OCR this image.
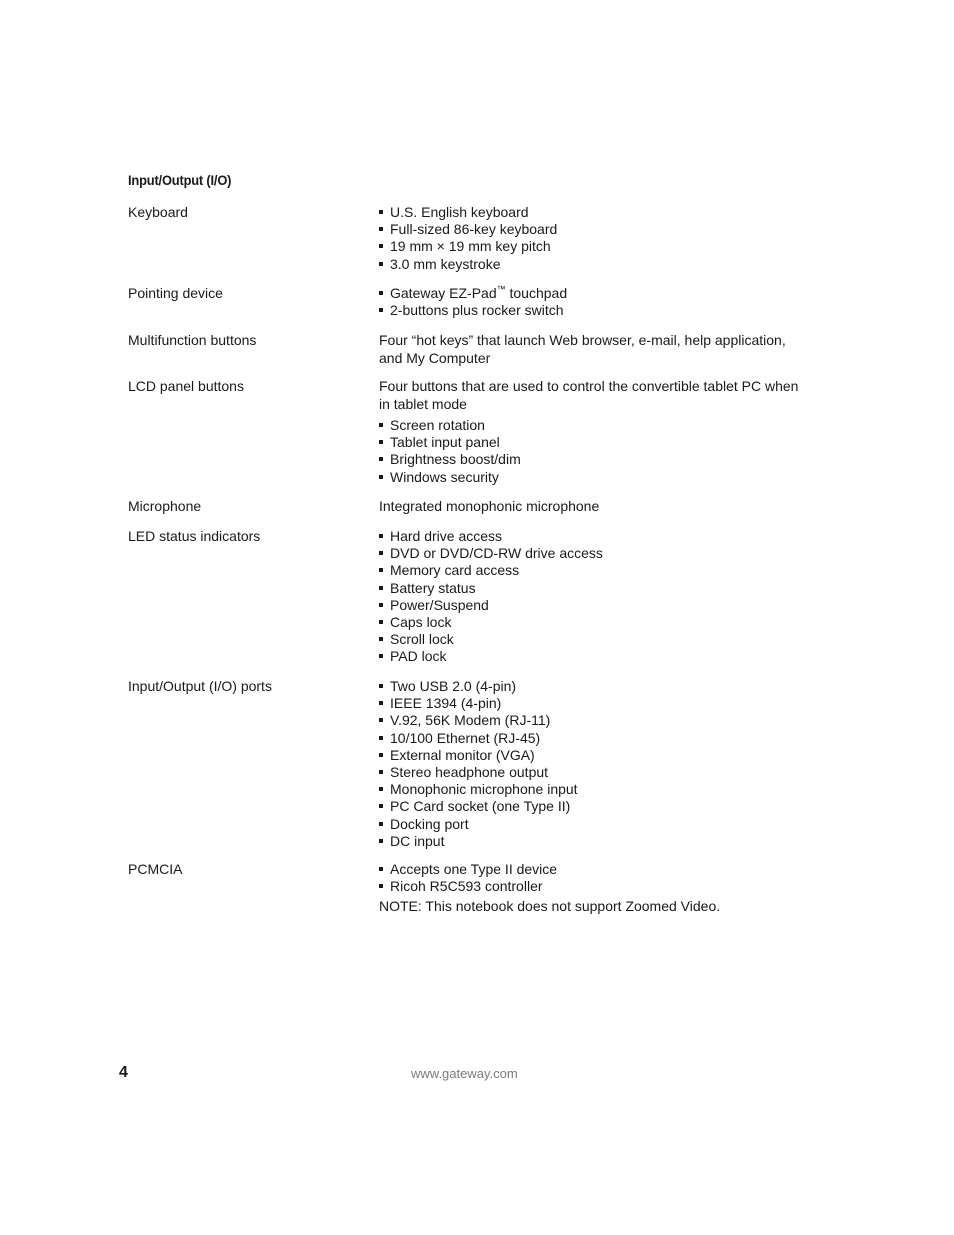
Input/Output (I/O)
Keyboard	U.S. English keyboard
Full-sized 86-key keyboard
19 mm × 19 mm key pitch
3.0 mm keystroke
Pointing device	Gateway EZ-Pad™ touchpad
2-buttons plus rocker switch
Multifunction buttons	Four “hot keys” that launch Web browser, e-mail, help application, and My Computer

LCD panel buttons	Four buttons that are used to control the convertible tablet PC when in tablet mode

Screen rotation
Tablet input panel
Brightness boost/dim
Windows security
Microphone	Integrated monophonic microphone

LED status indicators	Hard drive access
DVD or DVD/CD-RW drive access
Memory card access
Battery status
Power/Suspend
Caps lock
Scroll lock
PAD lock
Input/Output (I/O) ports	Two USB 2.0 (4-pin)
IEEE 1394 (4-pin)
V.92, 56K Modem (RJ-11)
10/100 Ethernet (RJ-45)
External monitor (VGA)
Stereo headphone output
Monophonic microphone input
PC Card socket (one Type II)
Docking port
DC input
PCMCIA	Accepts one Type II device
Ricoh R5C593 controller

NOTE: This notebook does not support Zoomed Video.

4	www.gateway.com
